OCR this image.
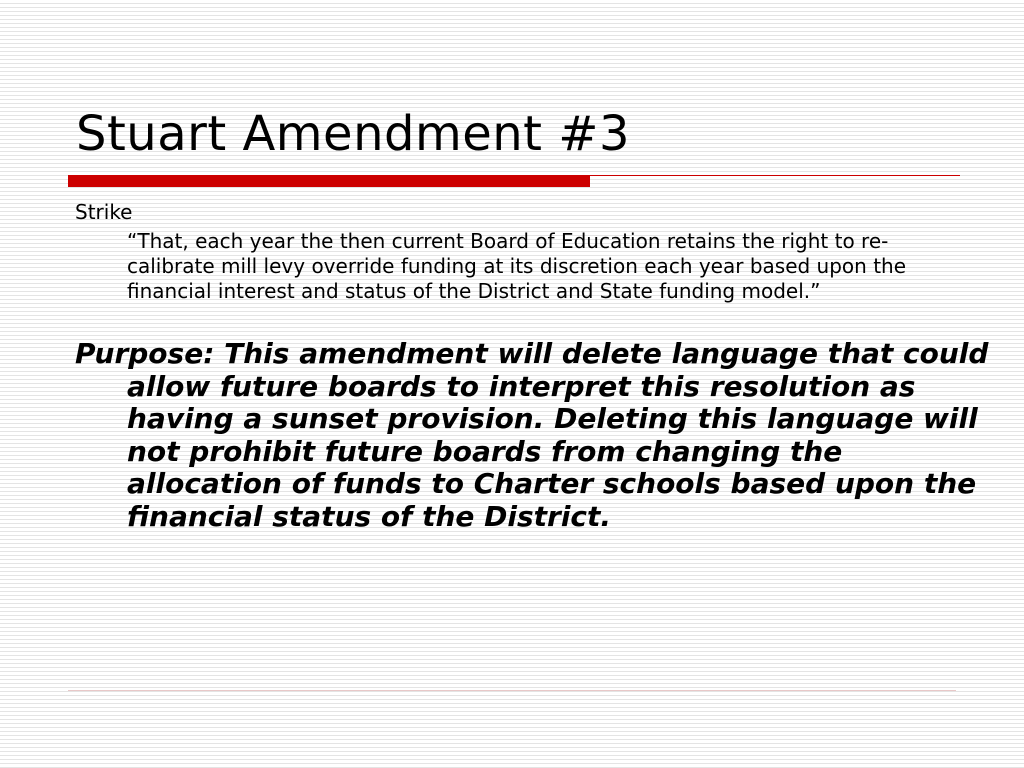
Stuart Amendment #3

Strike

“That, each year the then current Board of Education retains the right to re-calibrate mill levy override funding at its discretion each year based upon the financial interest and status of the District and State funding model.”

Purpose: This amendment will delete language that could allow future boards to interpret this resolution as having a sunset provision. Deleting this language will not prohibit future boards from changing the allocation of funds to Charter schools based upon the financial status of the District.
